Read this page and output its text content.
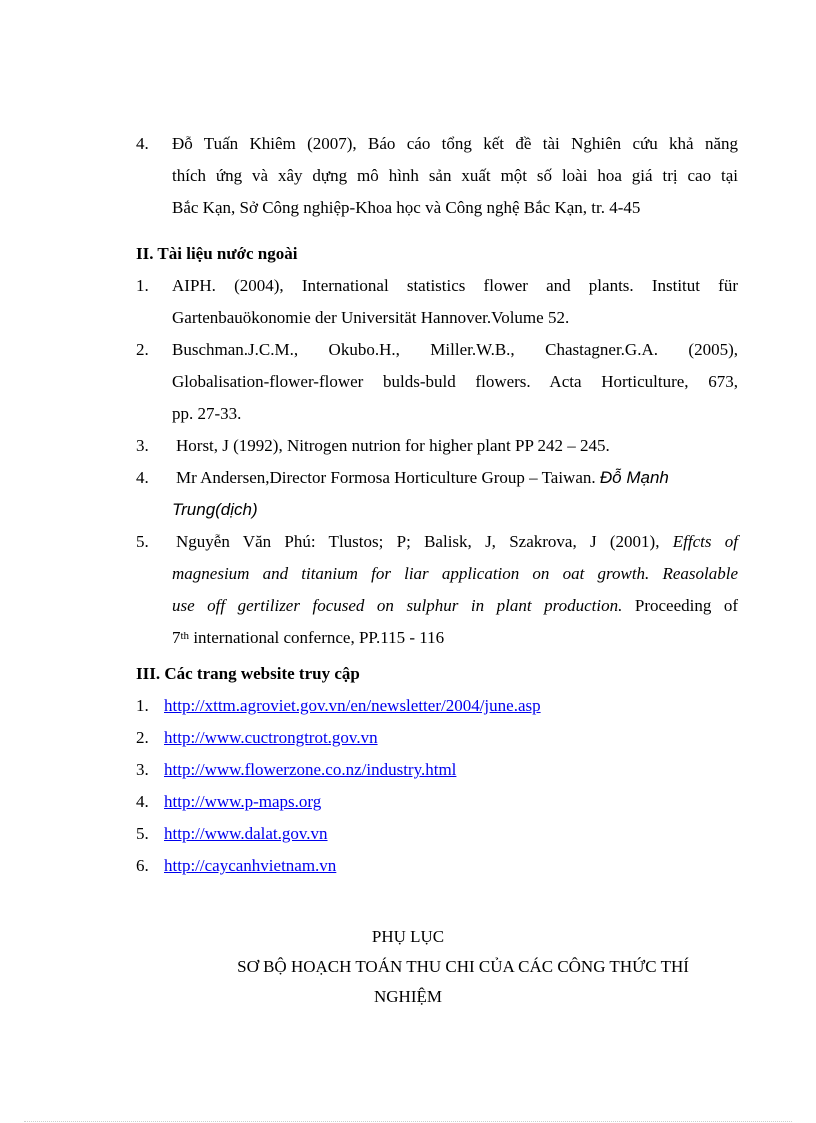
4. Đỗ Tuấn Khiêm (2007), Báo cáo tổng kết đề tài Nghiên cứu khả năng
thích ứng và xây dựng mô hình sản xuất một số loài hoa giá trị cao tại
Bắc Kạn, Sở Công nghiệp-Khoa học và Công nghệ Bắc Kạn, tr. 4-45
II. Tài liệu nước ngoài
1. AIPH. (2004), International statistics flower and plants. Institut für
Gartenbauökonomie der Universität Hannover.Volume 52.
2. Buschman.J.C.M., Okubo.H., Miller.W.B., Chastagner.G.A. (2005),
Globalisation-flower-flower bulds-buld flowers. Acta Horticulture, 673,
pp. 27-33.
3. Horst, J (1992), Nitrogen nutrion for higher plant PP 242 – 245.
4. Mr Andersen,Director Formosa Horticulture Group – Taiwan. Đỗ Mạnh
Trung(dịch)
5. Nguyễn Văn Phú: Tlustos; P; Balisk, J, Szakrova, J (2001), Effcts of
magnesium and titanium for liar application on oat growth. Reasolable
use off gertilizer focused on sulphur in plant production. Proceeding of
7th international confernce, PP.115 - 116
III. Các trang website truy cập
1. http://xttm.agroviet.gov.vn/en/newsletter/2004/june.asp
2. http://www.cuctrongtrot.gov.vn
3. http://www.flowerzone.co.nz/industry.html
4. http://www.p-maps.org
5. http://www.dalat.gov.vn
6. http://caycanhvietnam.vn
PHỤ LỤC
SƠ BỘ HOẠCH TOÁN THU CHI CỦA CÁC CÔNG THỨC THÍ
NGHIỆM
